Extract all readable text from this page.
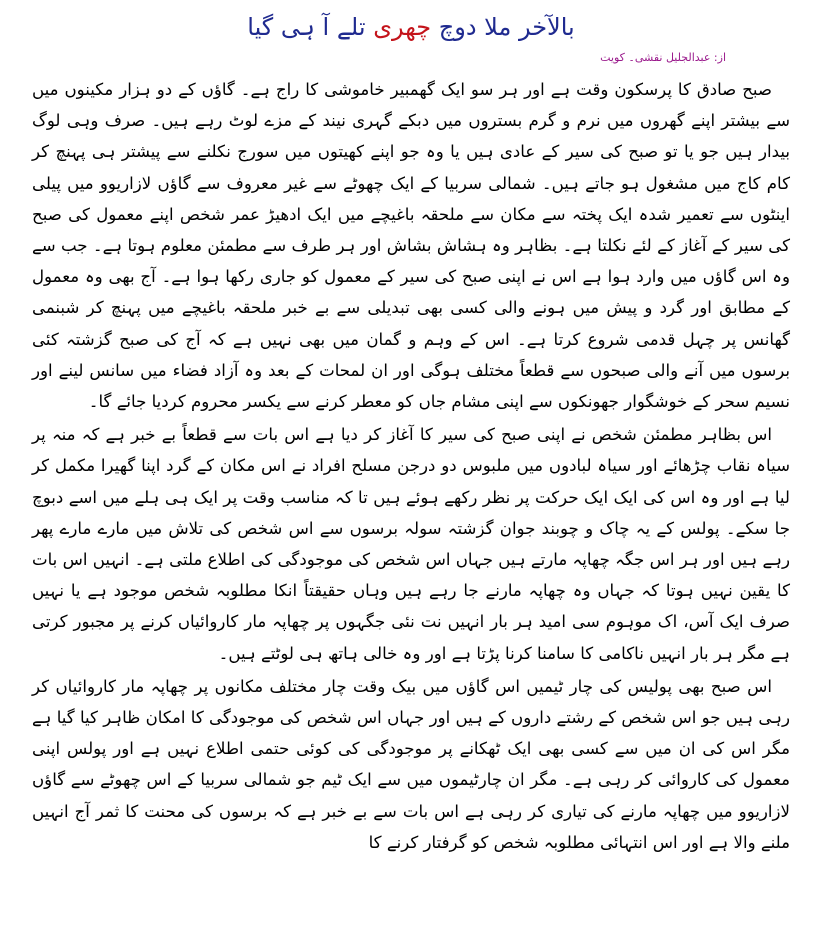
بالآخر ملا دوچ چھری تلے آ ہی گیا
از: عبدالجلیل نقشی۔ کویت

صبح صادق کا پرسکون وقت ہے اور ہر سو ایک گھمبیر خاموشی کا راج ہے۔ گاؤں کے دو ہزار مکینوں میں سے بیشتر اپنے گھروں میں نرم و گرم بستروں میں دبکے گہری نیند کے مزے لوٹ رہے ہیں۔ صرف وہی لوگ بیدار ہیں جو یا تو صبح کی سیر کے عادی ہیں یا وہ جو اپنے کھیتوں میں سورج نکلنے سے پیشتر ہی پہنچ کر کام کاج میں مشغول ہو جاتے ہیں۔ شمالی سربیا کے ایک چھوٹے سے غیر معروف سے گاؤں لازاریوو میں پیلی اینٹوں سے تعمیر شدہ ایک پختہ سے مکان سے ملحقہ باغیچے میں ایک ادھیڑ عمر شخص اپنے معمول کی صبح کی سیر کے آغاز کے لئے نکلتا ہے۔ بظاہر وہ ہشاش بشاش اور ہر طرف سے مطمئن معلوم ہوتا ہے۔ جب سے وہ اس گاؤں میں وارد ہوا ہے اس نے اپنی صبح کی سیر کے معمول کو جاری رکھا ہوا ہے۔ آج بھی وہ معمول کے مطابق اور گرد و پیش میں ہونے والی کسی بھی تبدیلی سے بے خبر ملحقہ باغیچے میں پہنچ کر شبنمی گھانس پر چہل قدمی شروع کرتا ہے۔ اس کے وہم و گمان میں بھی نہیں ہے کہ آج کی صبح گزشتہ کئی برسوں میں آنے والی صبحوں سے قطعاً مختلف ہوگی اور ان لمحات کے بعد وہ آزاد فضاء میں سانس لینے اور نسیم سحر کے خوشگوار جھونکوں سے اپنی مشام جاں کو معطر کرنے سے یکسر محروم کردیا جائے گا۔

اس بظاہر مطمئن شخص نے اپنی صبح کی سیر کا آغاز کر دیا ہے اس بات سے قطعاً بے خبر ہے کہ منہ پر سیاہ نقاب چڑھائے اور سیاہ لبادوں میں ملبوس دو درجن مسلح افراد نے اس مکان کے گرد اپنا گھیرا مکمل کر لیا ہے اور وہ اس کی ایک ایک حرکت پر نظر رکھے ہوئے ہیں تا کہ مناسب وقت پر ایک ہی ہلے میں اسے دبوچ جا سکے۔ پولس کے یہ چاک و چوبند جوان گزشتہ سولہ برسوں سے اس شخص کی تلاش میں مارے مارے پھر رہے ہیں اور ہر اس جگہ چھاپہ مارتے ہیں جہاں اس شخص کی موجودگی کی اطلاع ملتی ہے۔ انہیں اس بات کا یقین نہیں ہوتا کہ جہاں وہ چھاپہ مارنے جا رہے ہیں وہاں حقیقتاً انکا مطلوبہ شخص موجود ہے یا نہیں صرف ایک آس، اک موہوم سی امید ہر بار انہیں نت نئی جگہوں پر چھاپہ مار کاروائیاں کرنے پر مجبور کرتی ہے مگر ہر بار انہیں ناکامی کا سامنا کرنا پڑتا ہے اور وہ خالی ہاتھ ہی لوٹتے ہیں۔

اس صبح بھی پولیس کی چار ٹیمیں اس گاؤں میں بیک وقت چار مختلف مکانوں پر چھاپہ مار کاروائیاں کر رہی ہیں جو اس شخص کے رشتے داروں کے ہیں اور جہاں اس شخص کی موجودگی کا امکان ظاہر کیا گیا ہے مگر اس کی ان میں سے کسی بھی ایک ٹھکانے پر موجودگی کی کوئی حتمی اطلاع نہیں ہے اور پولس اپنی معمول کی کاروائی کر رہی ہے۔ مگر ان چارٹیموں میں سے ایک ٹیم جو شمالی سربیا کے اس چھوٹے سے گاؤں لازاریوو میں چھاپہ مارنے کی تیاری کر رہی ہے اس بات سے بے خبر ہے کہ برسوں کی محنت کا ثمر آج انہیں ملنے والا ہے اور اس انتہائی مطلوبہ شخص کو گرفتار کرنے کا
